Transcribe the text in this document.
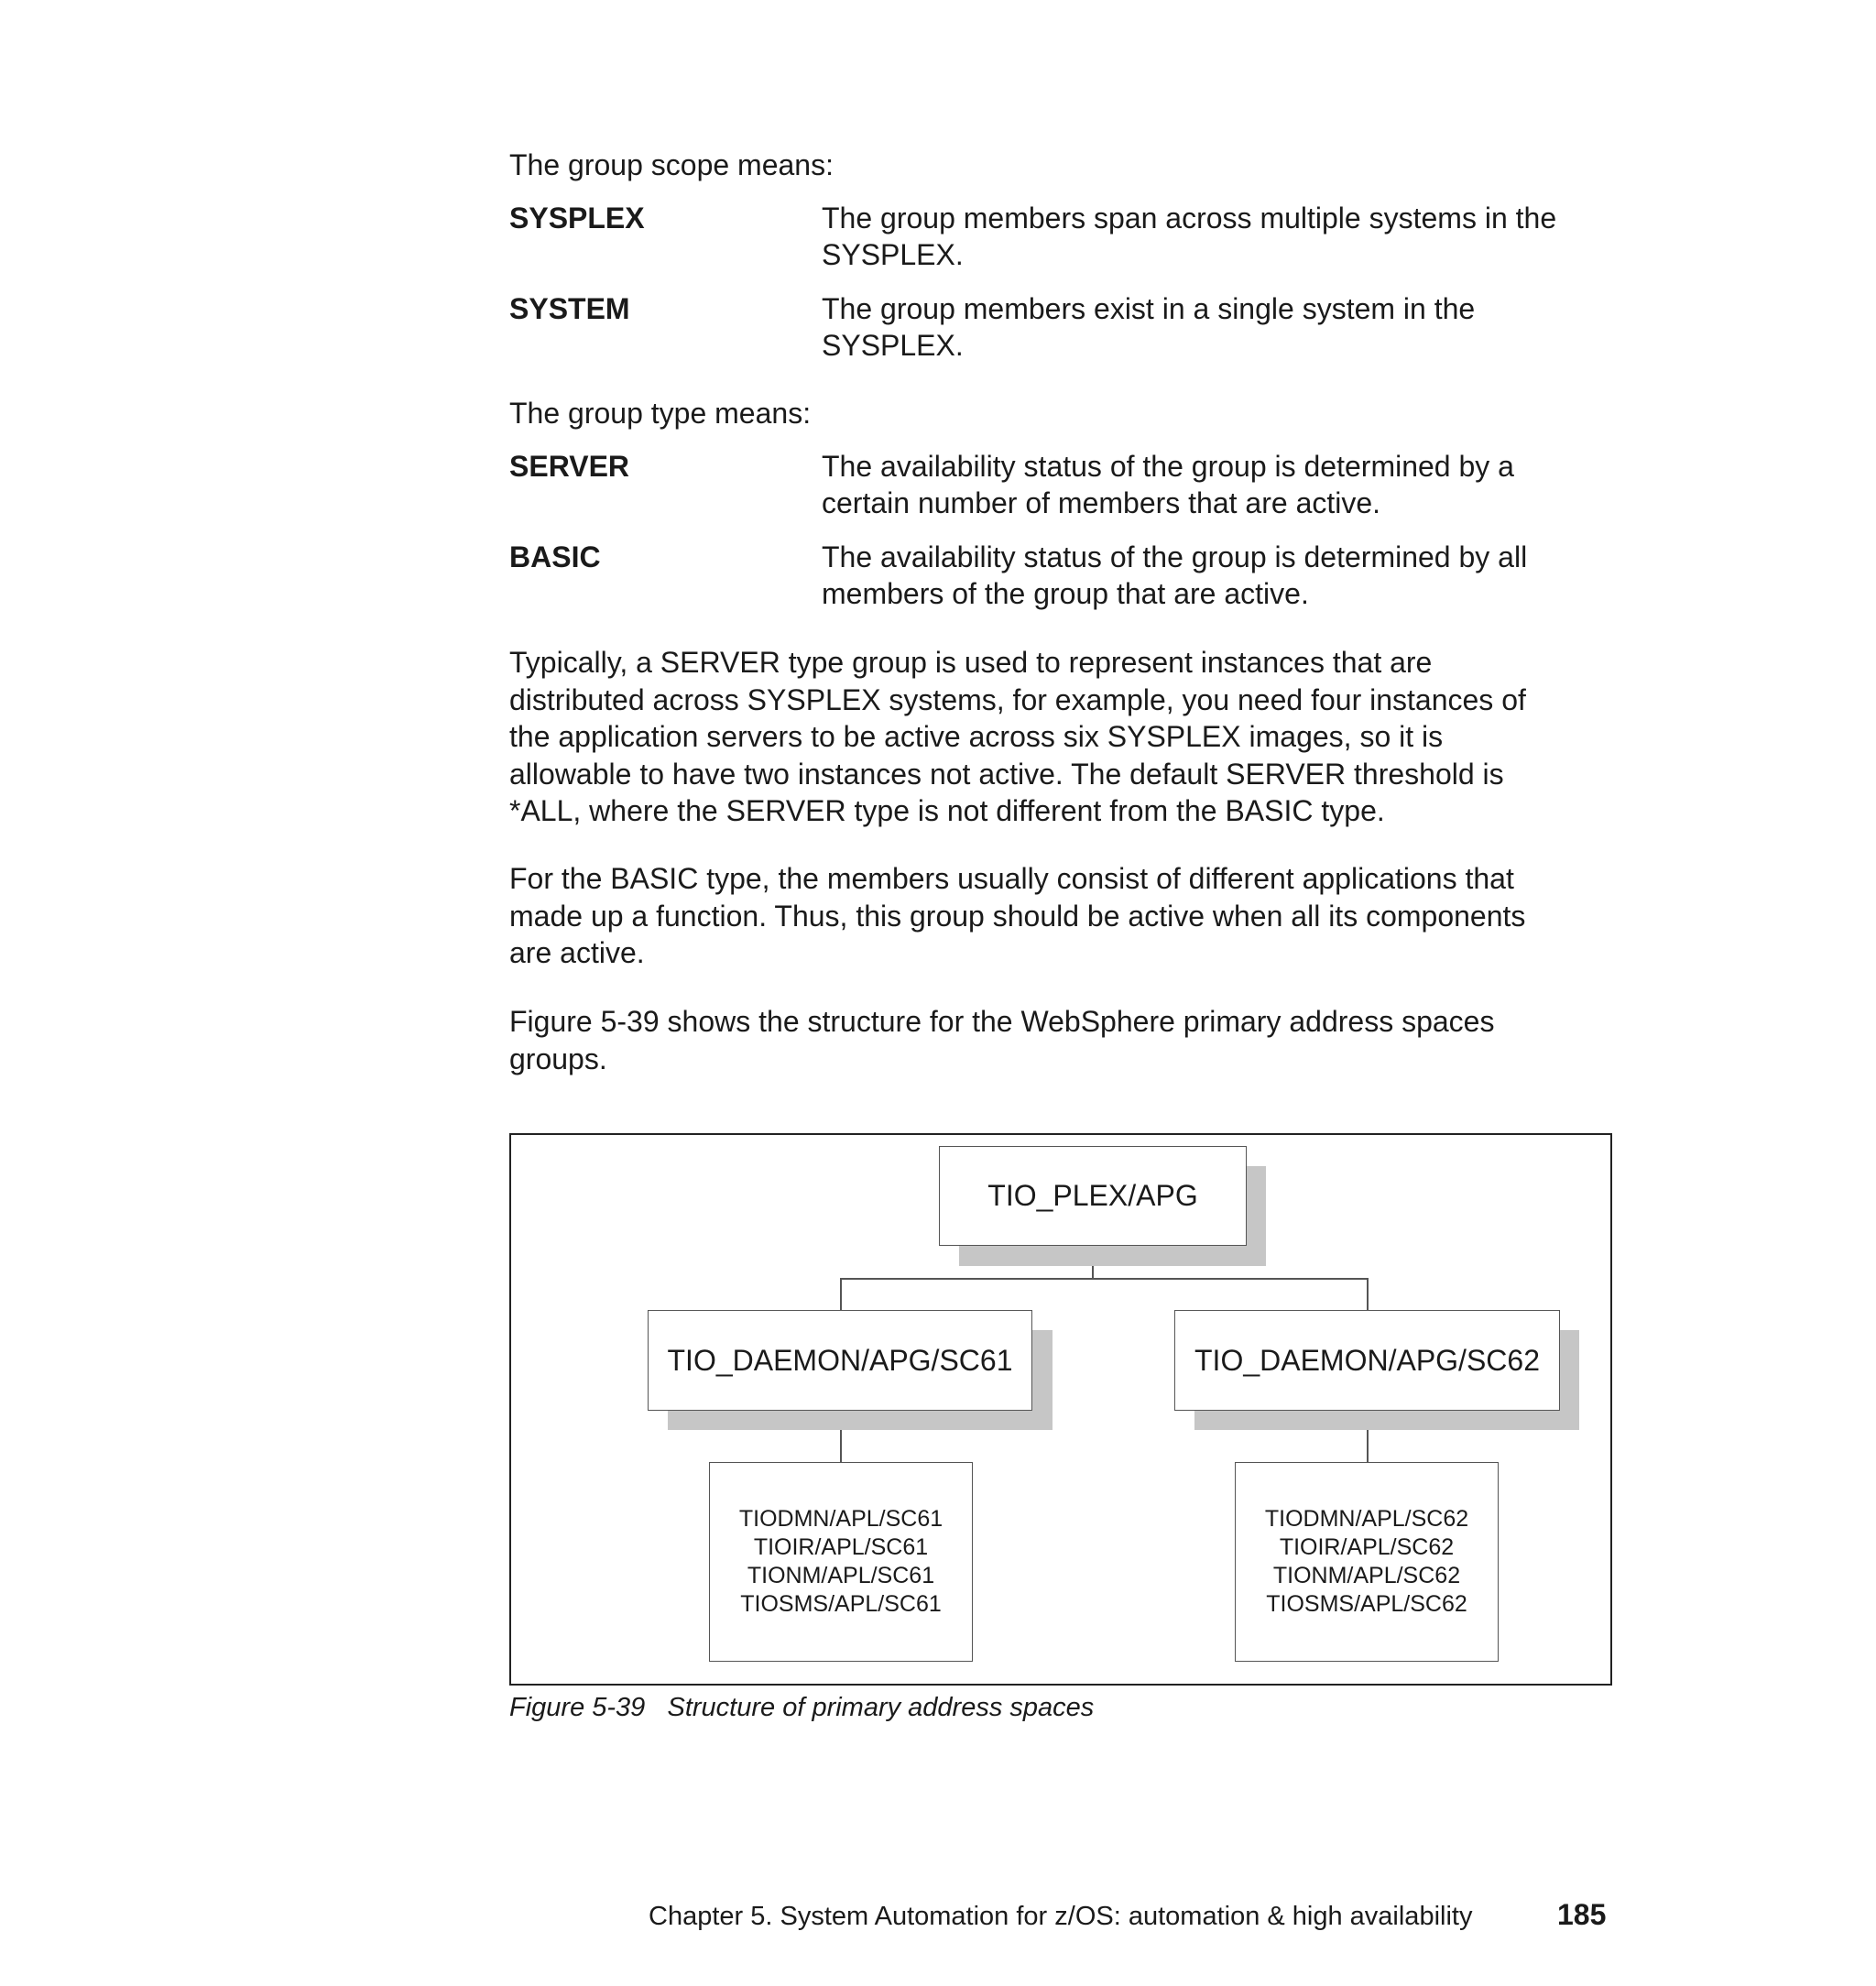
The group scope means:
SYSPLEX	The group members span across multiple systems in the
SYSPLEX.
SYSTEM	The group members exist in a single system in the
SYSPLEX.
The group type means:
SERVER	The availability status of the group is determined by a
certain number of members that are active.
BASIC	The availability status of the group is determined by all
members of the group that are active.
Typically, a SERVER type group is used to represent instances that are
distributed across SYSPLEX systems, for example, you need four instances of
the application servers to be active across six SYSPLEX images, so it is
allowable to have two instances not active. The default SERVER threshold is
*ALL, where the SERVER type is not different from the BASIC type.
For the BASIC type, the members usually consist of different applications that
made up a function. Thus, this group should be active when all its components
are active.
Figure 5-39 shows the structure for the WebSphere primary address spaces
groups.
TIO_PLEX/APG
TIO_DAEMON/APG/SC61	TIO_DAEMON/APG/SC62
TIODMN/APL/SC61
TIOIR/APL/SC61
TIONM/APL/SC61
TIOSMS/APL/SC61
TIODMN/APL/SC62
TIOIR/APL/SC62
TIONM/APL/SC62
TIOSMS/APL/SC62
Figure 5-39 Structure of primary address spaces
Chapter 5. System Automation for z/OS: automation & high availability	185
